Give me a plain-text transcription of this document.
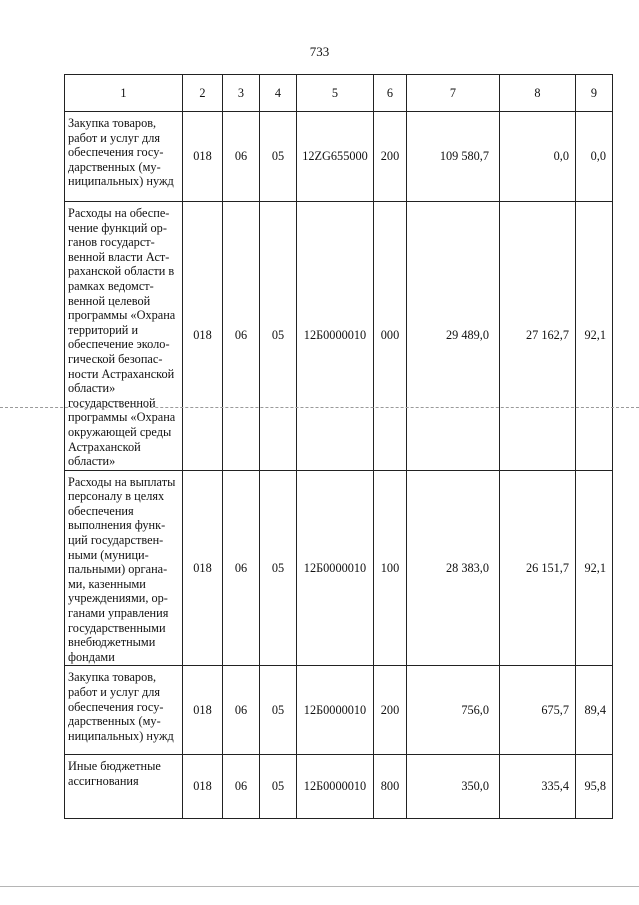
733
1	2	3	4	5	6	7	8	9
Закупка товаров, работ и услуг для обеспечения государственных (муниципальных) нужд	018	06	05	12ZG655000	200	109 580,7	0,0	0,0
Расходы на обеспечение функций органов государственной власти Астраханской области в рамках ведомственной целевой программы «Охрана территорий и обеспечение экологической безопасности Астраханской области» государственной программы «Охрана окружающей среды Астраханской области»	018	06	05	12Б0000010	000	29 489,0	27 162,7	92,1
Расходы на выплаты персоналу в целях обеспечения выполнения функций государственными (муниципальными) органами, казенными учреждениями, органами управления государственными внебюджетными фондами	018	06	05	12Б0000010	100	28 383,0	26 151,7	92,1
Закупка товаров, работ и услуг для обеспечения государственных (муниципальных) нужд	018	06	05	12Б0000010	200	756,0	675,7	89,4
Иные бюджетные ассигнования	018	06	05	12Б0000010	800	350,0	335,4	95,8
